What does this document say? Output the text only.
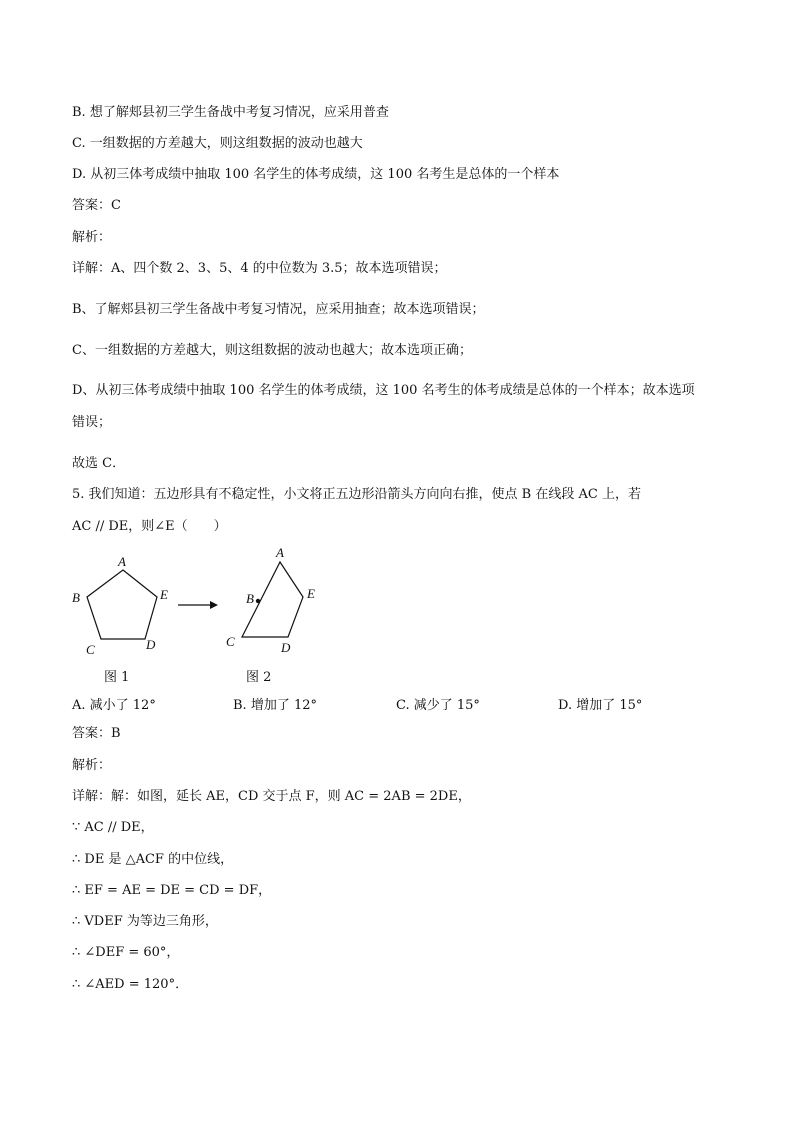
B. 想了解郏县初三学生备战中考复习情况，应采用普查
C. 一组数据的方差越大，则这组数据的波动也越大
D. 从初三体考成绩中抽取 100 名学生的体考成绩，这 100 名考生是总体的一个样本
答案：C
解析：
详解：A、四个数 2、3、5、4 的中位数为 3.5；故本选项错误；
B、了解郏县初三学生备战中考复习情况，应采用抽查；故本选项错误；
C、一组数据的方差越大，则这组数据的波动也越大；故本选项正确；
D、从初三体考成绩中抽取 100 名学生的体考成绩，这 100 名考生的体考成绩是总体的一个样本；故本选项
错误；
故选 C．
5. 我们知道：五边形具有不稳定性，小文将正五边形沿箭头方向向右推，使点 B 在线段 AC 上，若
AC // DE，则∠E（　　）
A
B	E
C	D
A
B	E
C	D
图 1	图 2
A. 减小了 12°	B. 增加了 12°	C. 减少了 15°	D. 增加了 15°
答案：B
解析：
详解：解：如图，延长 AE，CD 交于点 F，则 AC = 2AB = 2DE，
∵ AC // DE，
∴ DE 是 △ACF 的中位线，
∴ EF = AE = DE = CD = DF，
∴ VDEF 为等边三角形，
∴ ∠DEF = 60°，
∴ ∠AED = 120°．
